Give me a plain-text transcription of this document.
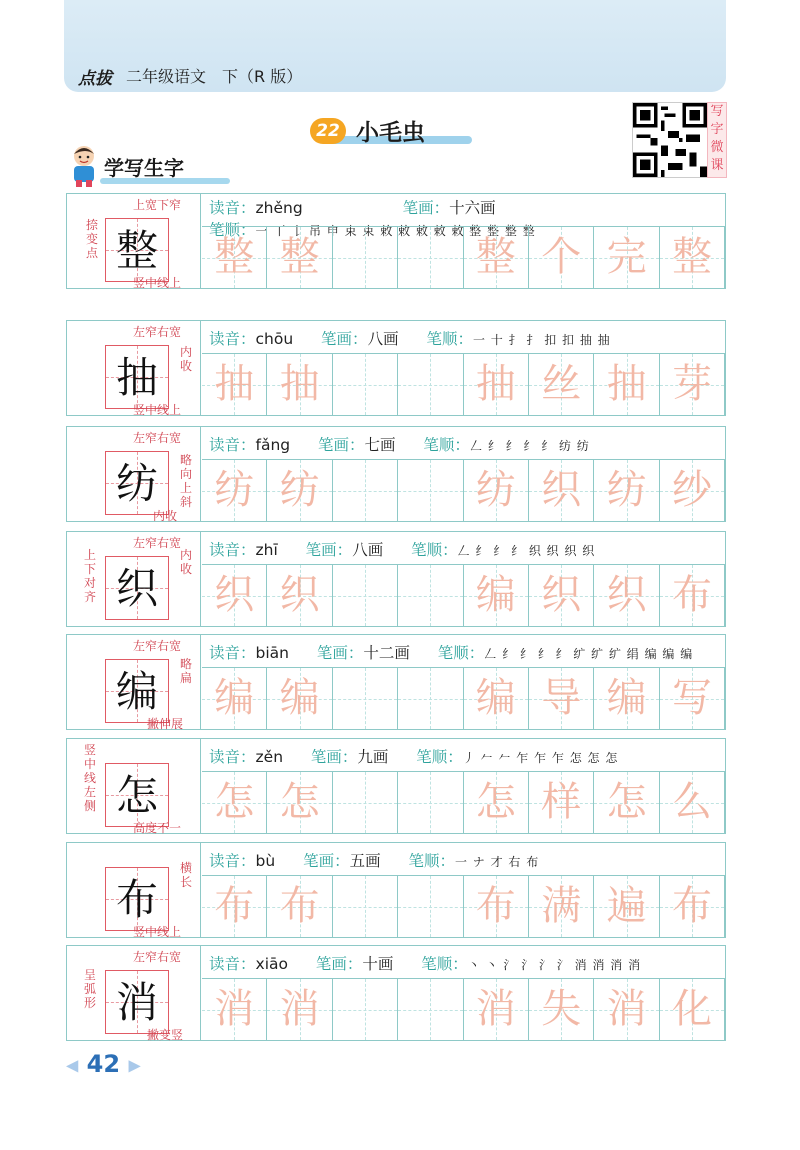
点拔 二年级语文　下（R 版）
22 小毛虫
写字微课
学写生字
整
上宽下窄
捺变点
竖中线上
读音：zhěng	笔画：十六画
笔顺：一 丅 𠄌 吊 申 束 束 敕 敕 敕 敕 敕 整 整 整 整
整 整	整 个 完 整
抽
左窄右宽
内收
竖中线上
读音：chōu 笔画：八画 笔顺：一 十 扌 扌 扣 扣 抽 抽
抽 抽	抽 丝 抽 芽
纺
左窄右宽
略向上斜
内收
读音：fǎng 笔画：七画 笔顺：𠃋 纟 纟 纟 纟 纺 纺
纺 纺	纺 织 纺 纱
织
左窄右宽
上下对齐
内收
读音：zhī 笔画：八画 笔顺：𠃋 纟 纟 纟 织 织 织 织
织 织	编 织 织 布
编
左窄右宽
略扁
撇伸展
读音：biān 笔画：十二画 笔顺：𠃋 纟 纟 纟 纟 纩 纩 纩 绢 编 编 编
编 编	编 导 编 写
怎
竖中线左侧
高度不一
读音：zěn 笔画：九画 笔顺：丿 𠂉 𠂉 乍 乍 乍 怎 怎 怎
怎 怎	怎 样 怎 么
布
横长
竖中线上
读音：bù 笔画：五画 笔顺：一 ナ 才 右 布
布 布	布 满 遍 布
消
左窄右宽
呈弧形
撇变竖
读音：xiāo 笔画：十画 笔顺：丶 丶 氵 氵 氵 氵 消 消 消 消
消 消	消 失 消 化
◀ 42 ▶
